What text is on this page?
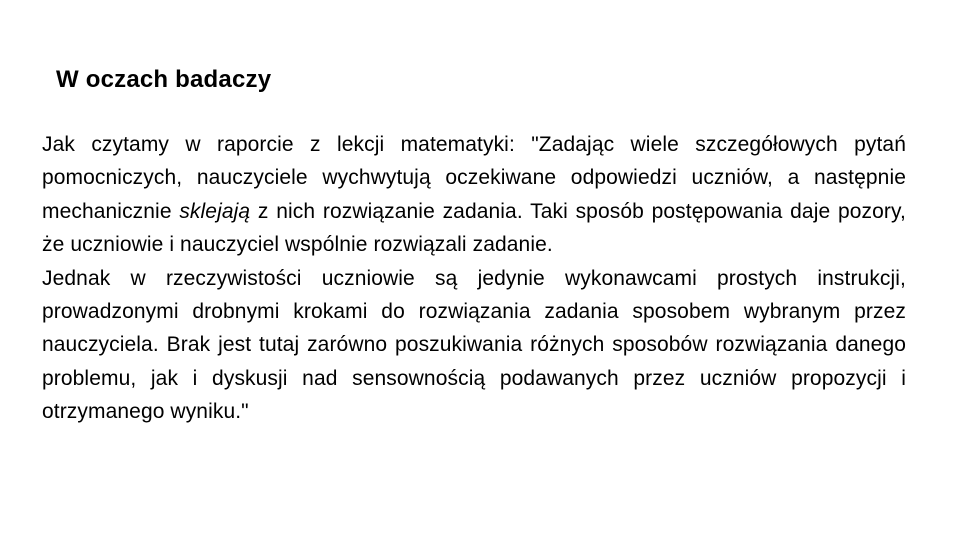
W oczach badaczy

Jak czytamy w raporcie z lekcji matematyki: "Zadając wiele szczegółowych pytań pomocniczych, nauczyciele wychwytują oczekiwane odpowiedzi uczniów, a następnie mechanicznie sklejają z nich rozwiązanie zadania. Taki sposób postępowania daje pozory, że uczniowie i nauczyciel wspólnie rozwiązali zadanie.

Jednak w rzeczywistości uczniowie są jedynie wykonawcami prostych instrukcji, prowadzonymi drobnymi krokami do rozwiązania zadania sposobem wybranym przez nauczyciela. Brak jest tutaj zarówno poszukiwania różnych sposobów rozwiązania danego problemu, jak i dyskusji nad sensownością podawanych przez uczniów propozycji i otrzymanego wyniku."
